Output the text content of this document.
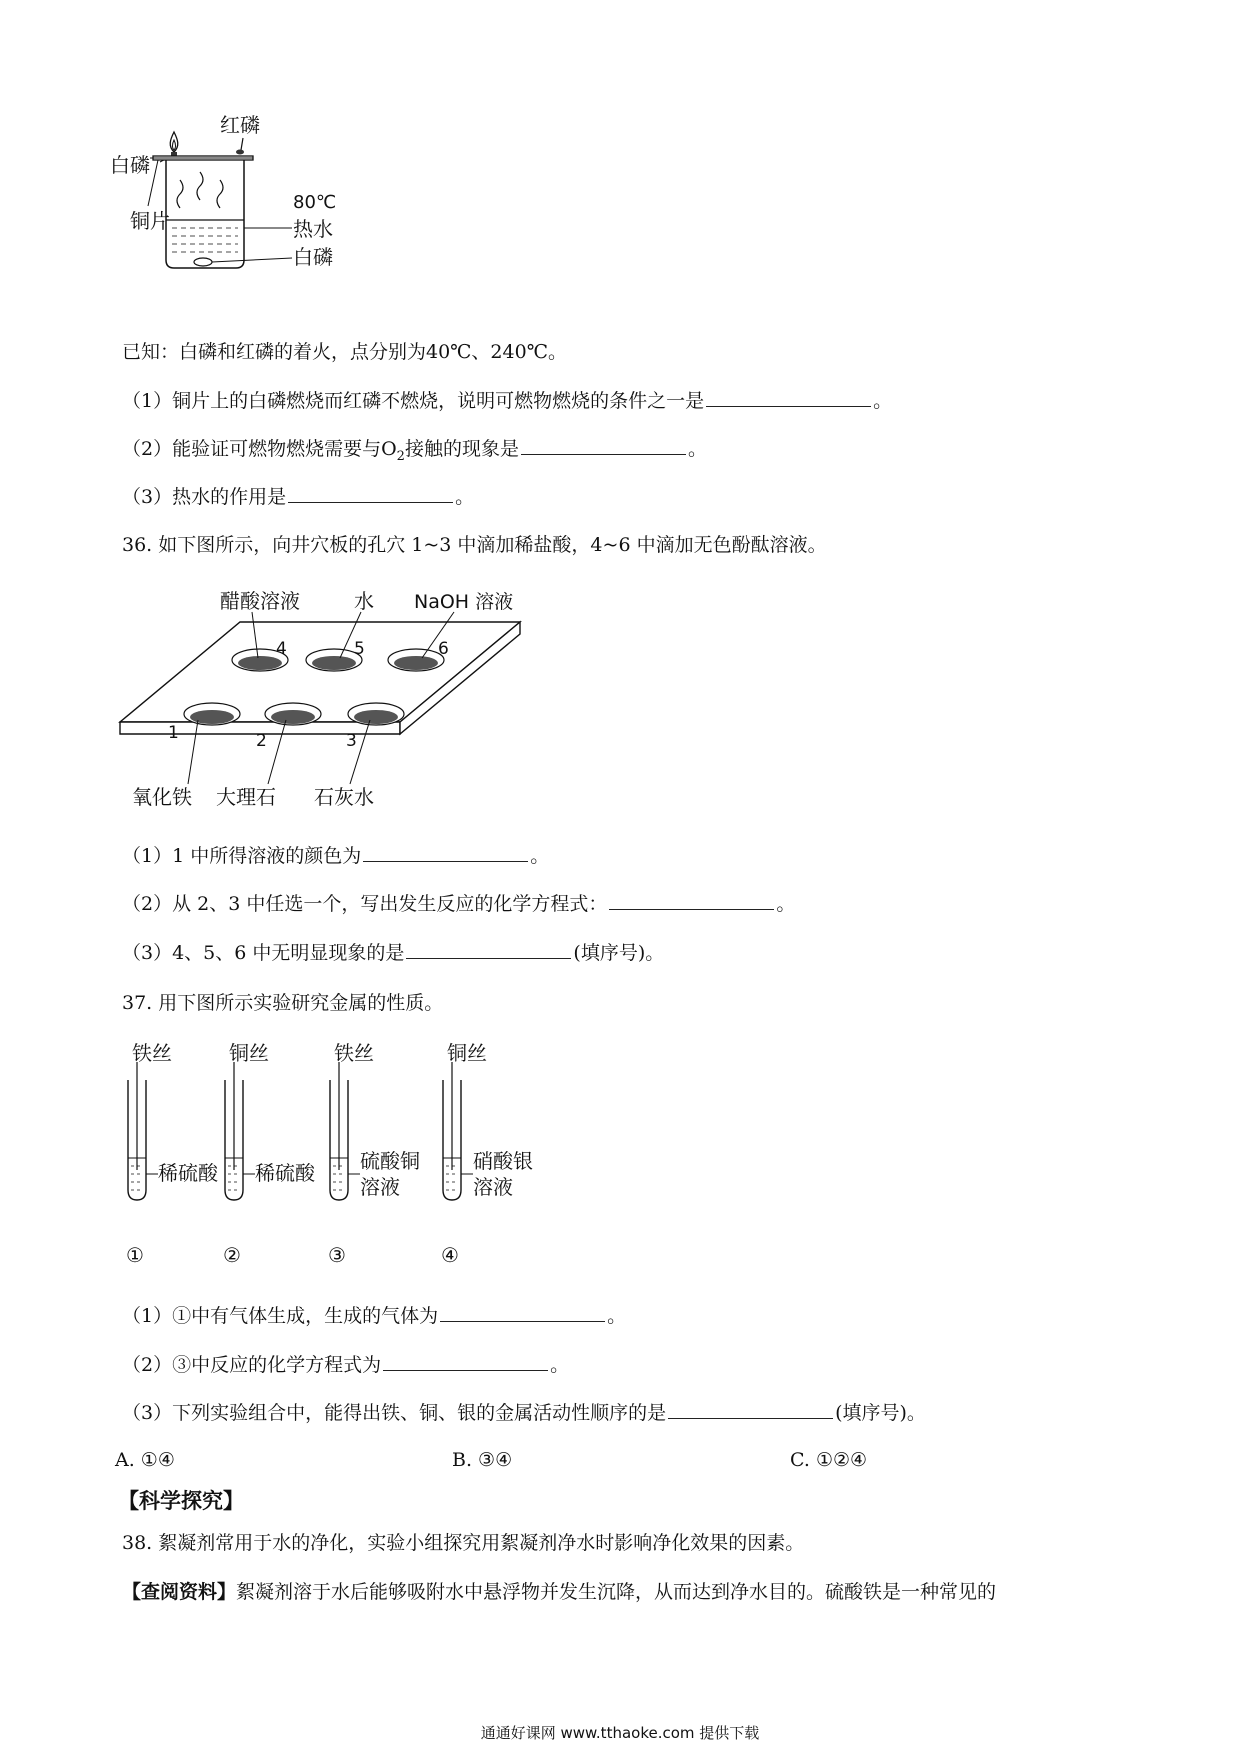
红磷
白磷
铜片
80℃
热水
白磷
已知：白磷和红磷的着火，点分别为40℃、240℃。
（1）铜片上的白磷燃烧而红磷不燃烧，说明可燃物燃烧的条件之一是	。
（2）能验证可燃物燃烧需要与$O_2$接触的现象是	。
（3）热水的作用是	。
36. 如下图所示，向井穴板的孔穴 1~3 中滴加稀盐酸，4~6 中滴加无色酚酞溶液。
醋酸溶液	水 NaOH 溶液
1	2	3
4	5	6
氧化铁 大理石 石灰水
（1）1 中所得溶液的颜色为	。
（2）从 2、3 中任选一个，写出发生反应的化学方程式：	。
（3）4、5、6 中无明显现象的是	(填序号)。
37. 用下图所示实验研究金属的性质。
铁丝
稀硫酸
①
铜丝
稀硫酸
②
铁丝
硫酸铜
溶液
③
铜丝
硝酸银
溶液
④
（1）①中有气体生成，生成的气体为	。
（2）③中反应的化学方程式为	。
（3）下列实验组合中，能得出铁、铜、银的金属活动性顺序的是	(填序号)。
A. ①④	B. ③④	C. ①②④
【科学探究】
38. 絮凝剂常用于水的净化，实验小组探究用絮凝剂净水时影响净化效果的因素。
【查阅资料】絮凝剂溶于水后能够吸附水中悬浮物并发生沉降，从而达到净水目的。硫酸铁是一种常见的
通通好课网 www.tthaoke.com 提供下载
